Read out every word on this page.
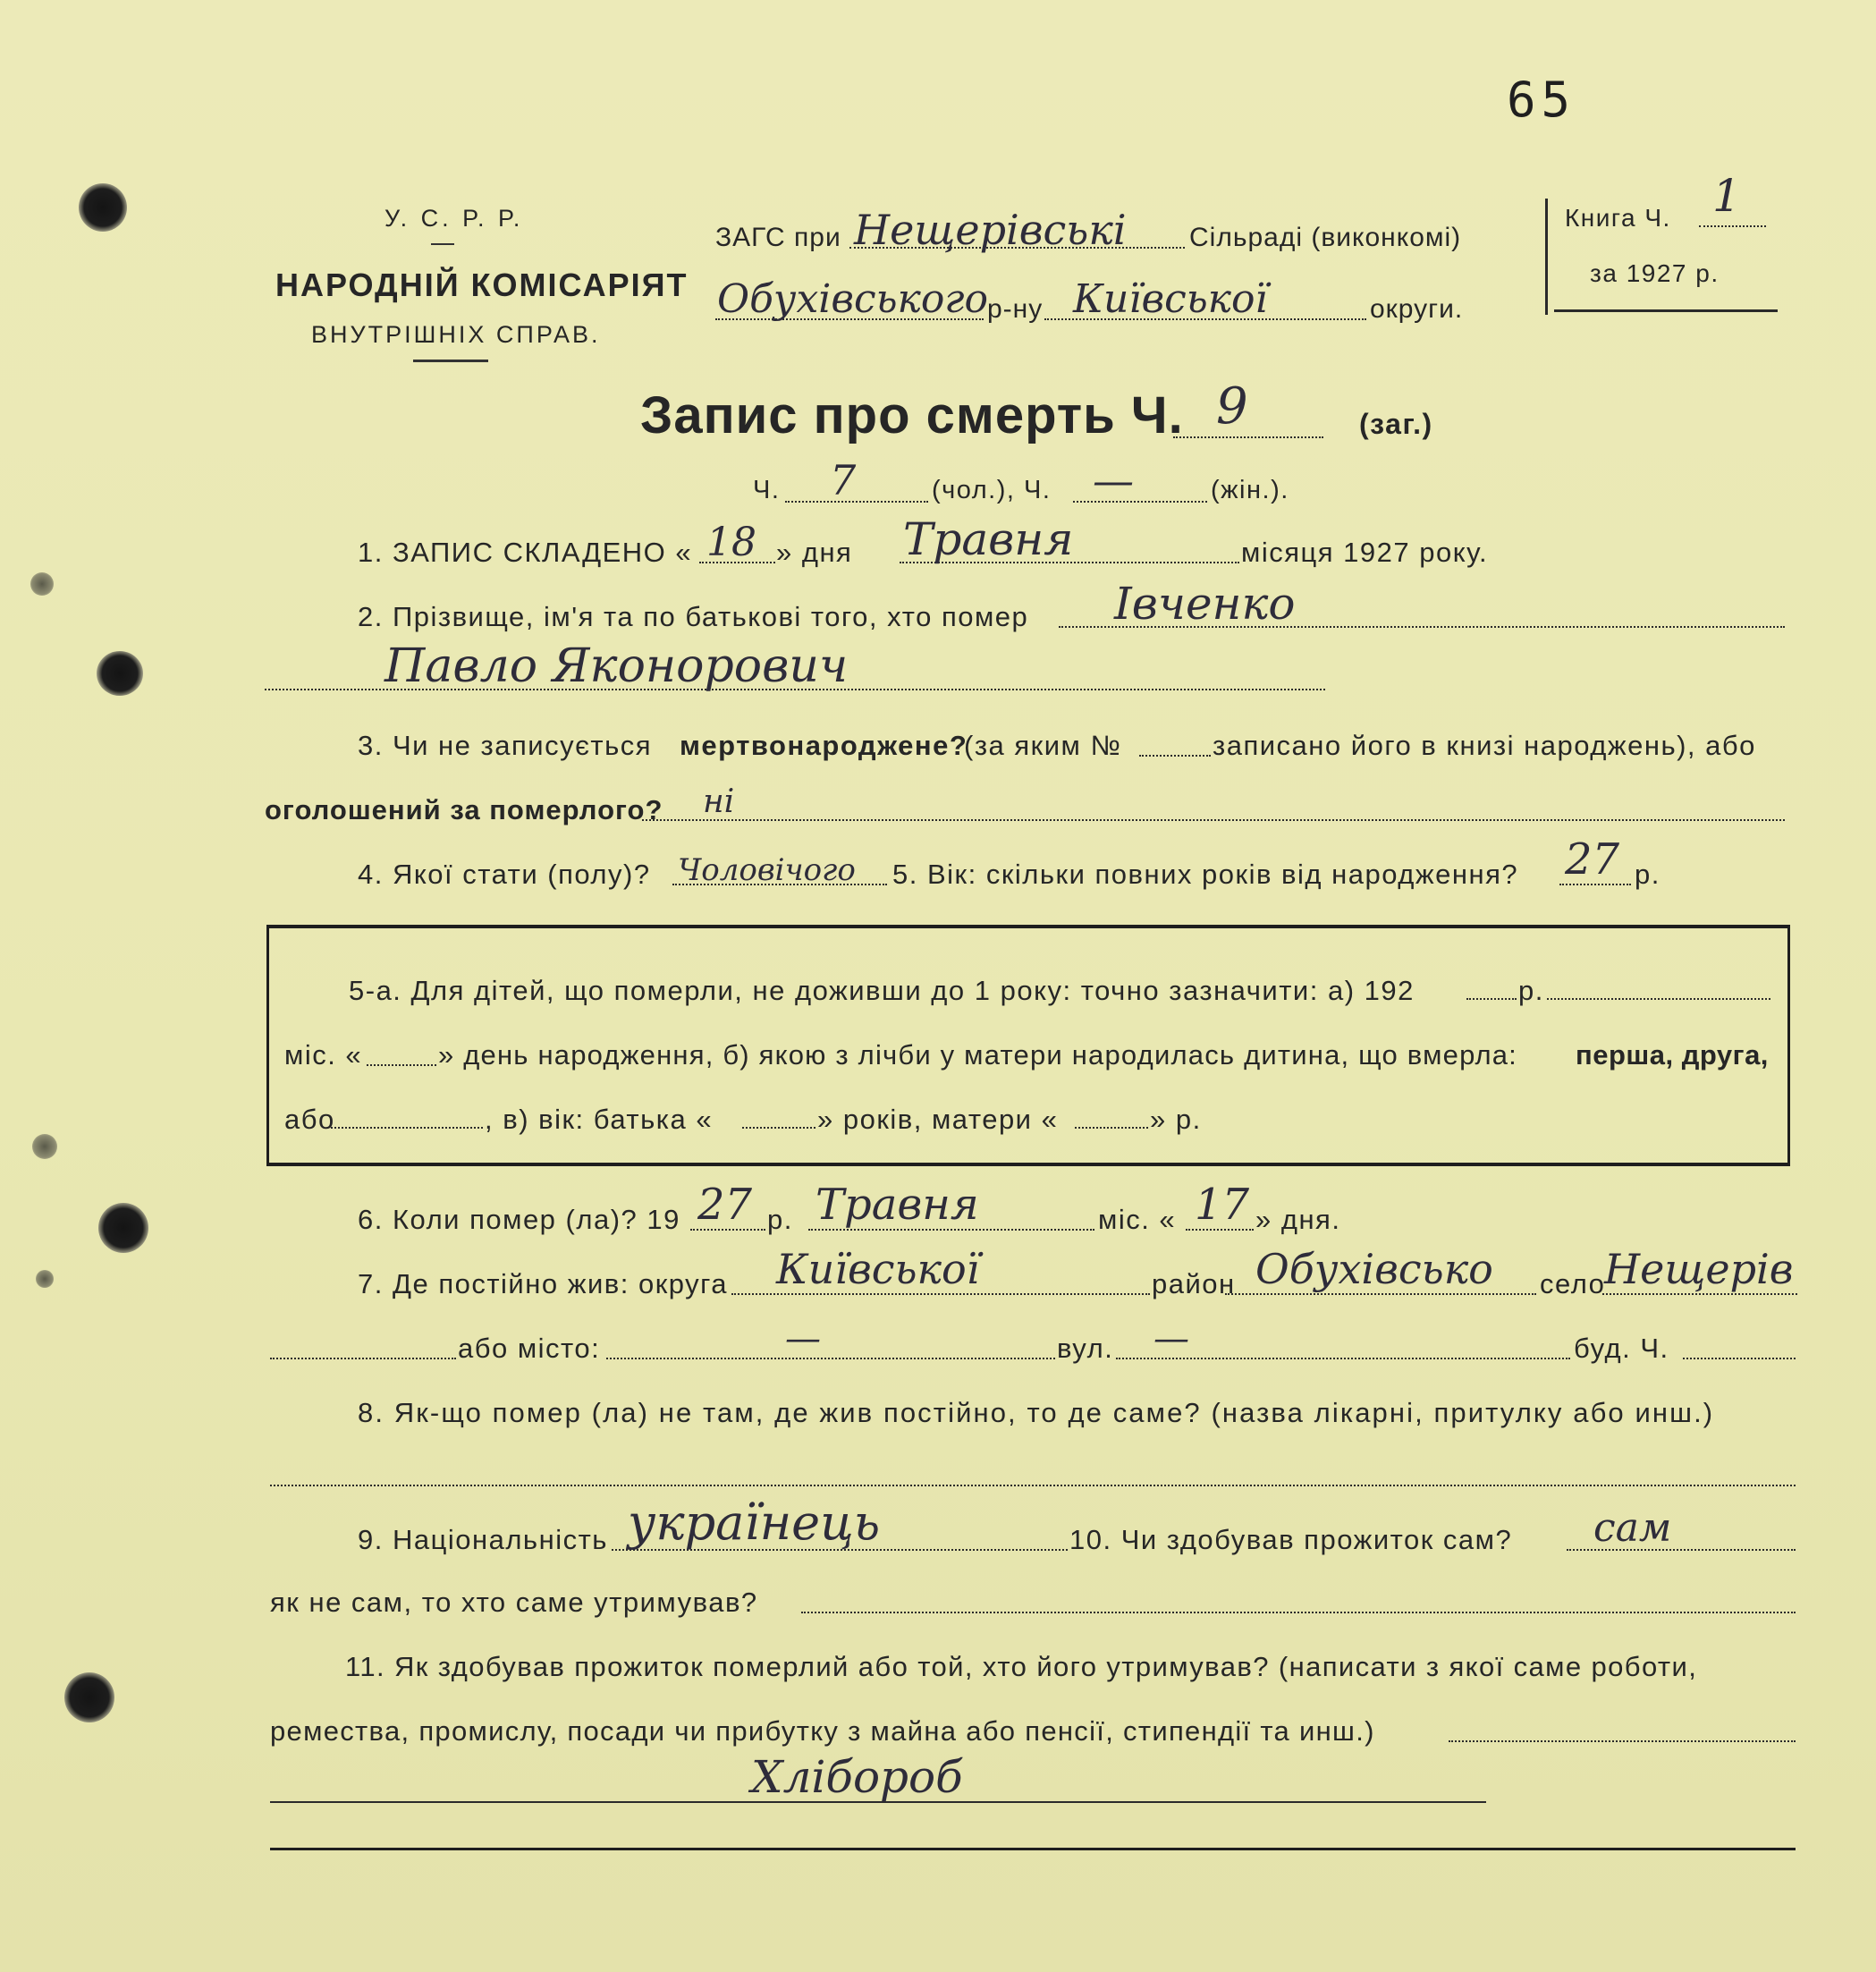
65
У. С. Р. Р.
НАРОДНІЙ КОМІСАРІЯТ
ВНУТРІШНІХ СПРАВ.
ЗАГС при Нещерівські Сільраді (виконкомі)
Обухівського
р-ну Київської	округи.
Книга Ч. 1
за 1927 р.
Запис про смерть Ч. 9	(заг.)
Ч. 7	(чол.), Ч. —	(жін.).
1. ЗАПИС СКЛАДЕНО « 18 » дня Травня	місяця 1927 року.
2. Прізвище, ім'я та по батькові того, хто помер Івченко
Павло Яконорович
3. Чи не записується мертвонароджене?
(за яким №	записано його в книзі народжень), або
оголошений за померлого? ні
4. Якої стати (полу)? Чоловічого 5. Вік: скільки повних років від народження? 27 р.
5-а. Для дітей, що померли, не доживши до 1 року: точно зазначити: а) 192	р.
міс. «	» день народження, б) якою з лічби у матери народилась дитина, що вмерла: перша, друга,
або	, в) вік: батька «	» років, матери «	» р.
6. Коли помер (ла)? 19 27 р. Травня	міс. « 17 » дня.
7. Де постійно жив: округа Київської	район Обухівсько село
Нещерів
або місто:	—	вул. —	буд. Ч.
8. Як-що помер (ла) не там, де жив постійно, то де саме? (назва лікарні, притулку або инш.)
9. Національність українець	10. Чи здобував прожиток сам? сам
як не сам, то хто саме утримував?
11. Як здобував прожиток померлий або той, хто його утримував? (написати з якої саме роботи,
ремества, промислу, посади чи прибутку з майна або пенсії, стипендії та инш.)
Хлібороб
